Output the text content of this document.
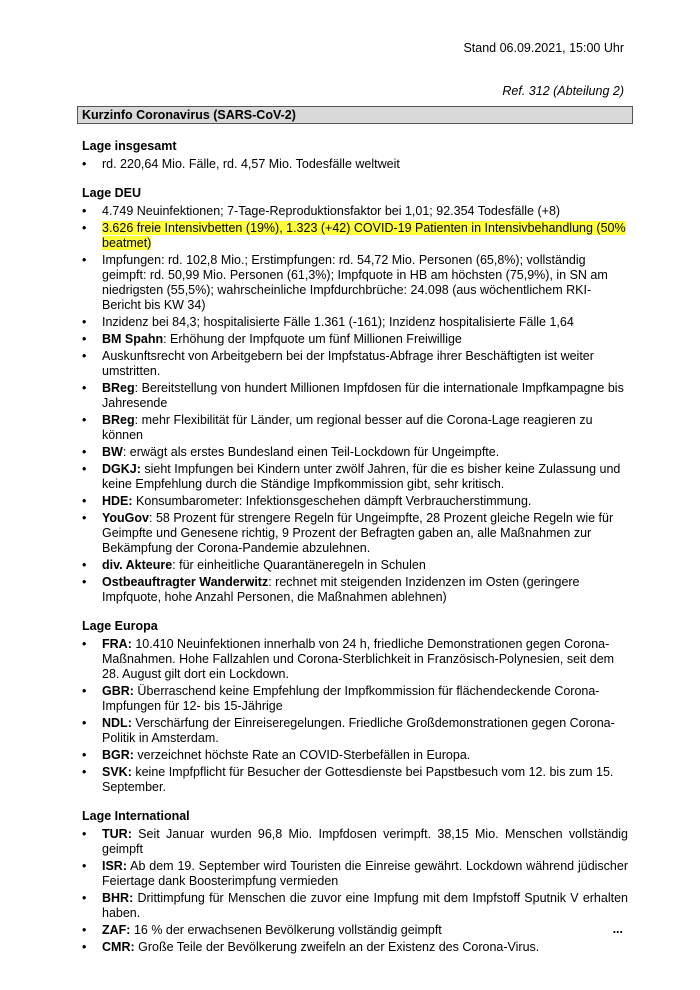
Stand 06.09.2021, 15:00 Uhr
Ref. 312 (Abteilung 2)
Kurzinfo Coronavirus (SARS-CoV-2)
Lage insgesamt
• rd. 220,64 Mio. Fälle, rd. 4,57 Mio. Todesfälle weltweit
Lage DEU
• 4.749 Neuinfektionen; 7-Tage-Reproduktionsfaktor bei 1,01; 92.354 Todesfälle (+8)
• 3.626 freie Intensivbetten (19%), 1.323 (+42) COVID-19 Patienten in Intensivbehandlung (50% beatmet)
• Impfungen: rd. 102,8 Mio.; Erstimpfungen: rd. 54,72 Mio. Personen (65,8%); vollständig geimpft: rd. 50,99 Mio. Personen (61,3%); Impfquote in HB am höchsten (75,9%), in SN am niedrigsten (55,5%); wahrscheinliche Impfdurchbrüche: 24.098 (aus wöchentlichem RKI-Bericht bis KW 34)
• Inzidenz bei 84,3; hospitalisierte Fälle 1.361 (-161); Inzidenz hospitalisierte Fälle 1,64
• BM Spahn: Erhöhung der Impfquote um fünf Millionen Freiwillige
• Auskunftsrecht von Arbeitgebern bei der Impfstatus-Abfrage ihrer Beschäftigten ist weiter umstritten.
• BReg: Bereitstellung von hundert Millionen Impfdosen für die internationale Impfkampagne bis Jahresende
• BReg: mehr Flexibilität für Länder, um regional besser auf die Corona-Lage reagieren zu können
• BW: erwägt als erstes Bundesland einen Teil-Lockdown für Ungeimpfte.
• DGKJ: sieht Impfungen bei Kindern unter zwölf Jahren, für die es bisher keine Zulassung und keine Empfehlung durch die Ständige Impfkommission gibt, sehr kritisch.
• HDE: Konsumbarometer: Infektionsgeschehen dämpft Verbraucherstimmung.
• YouGov: 58 Prozent für strengere Regeln für Ungeimpfte, 28 Prozent gleiche Regeln wie für Geimpfte und Genesene richtig, 9 Prozent der Befragten gaben an, alle Maßnahmen zur Bekämpfung der Corona-Pandemie abzulehnen.
• div. Akteure: für einheitliche Quarantäneregeln in Schulen
• Ostbeauftragter Wanderwitz: rechnet mit steigenden Inzidenzen im Osten (geringere Impfquote, hohe Anzahl Personen, die Maßnahmen ablehnen)
Lage Europa
• FRA: 10.410 Neuinfektionen innerhalb von 24 h, friedliche Demonstrationen gegen Corona-Maßnahmen. Hohe Fallzahlen und Corona-Sterblichkeit in Französisch-Polynesien, seit dem 28. August gilt dort ein Lockdown.
• GBR: Überraschend keine Empfehlung der Impfkommission für flächendeckende Corona-Impfungen für 12- bis 15-Jährige
• NDL: Verschärfung der Einreiseregelungen. Friedliche Großdemonstrationen gegen Corona-Politik in Amsterdam.
• BGR: verzeichnet höchste Rate an COVID-Sterbefällen in Europa.
• SVK: keine Impfpflicht für Besucher der Gottesdienste bei Papstbesuch vom 12. bis zum 15. September.
Lage International
• TUR: Seit Januar wurden 96,8 Mio. Impfdosen verimpft. 38,15 Mio. Menschen vollständig geimpft
• ISR: Ab dem 19. September wird Touristen die Einreise gewährt. Lockdown während jüdischer Feiertage dank Boosterimpfung vermieden
• BHR: Drittimpfung für Menschen die zuvor eine Impfung mit dem Impfstoff Sputnik V erhalten haben.
• ZAF: 16 % der erwachsenen Bevölkerung vollständig geimpft
• CMR: Große Teile der Bevölkerung zweifeln an der Existenz des Corona-Virus.
...
